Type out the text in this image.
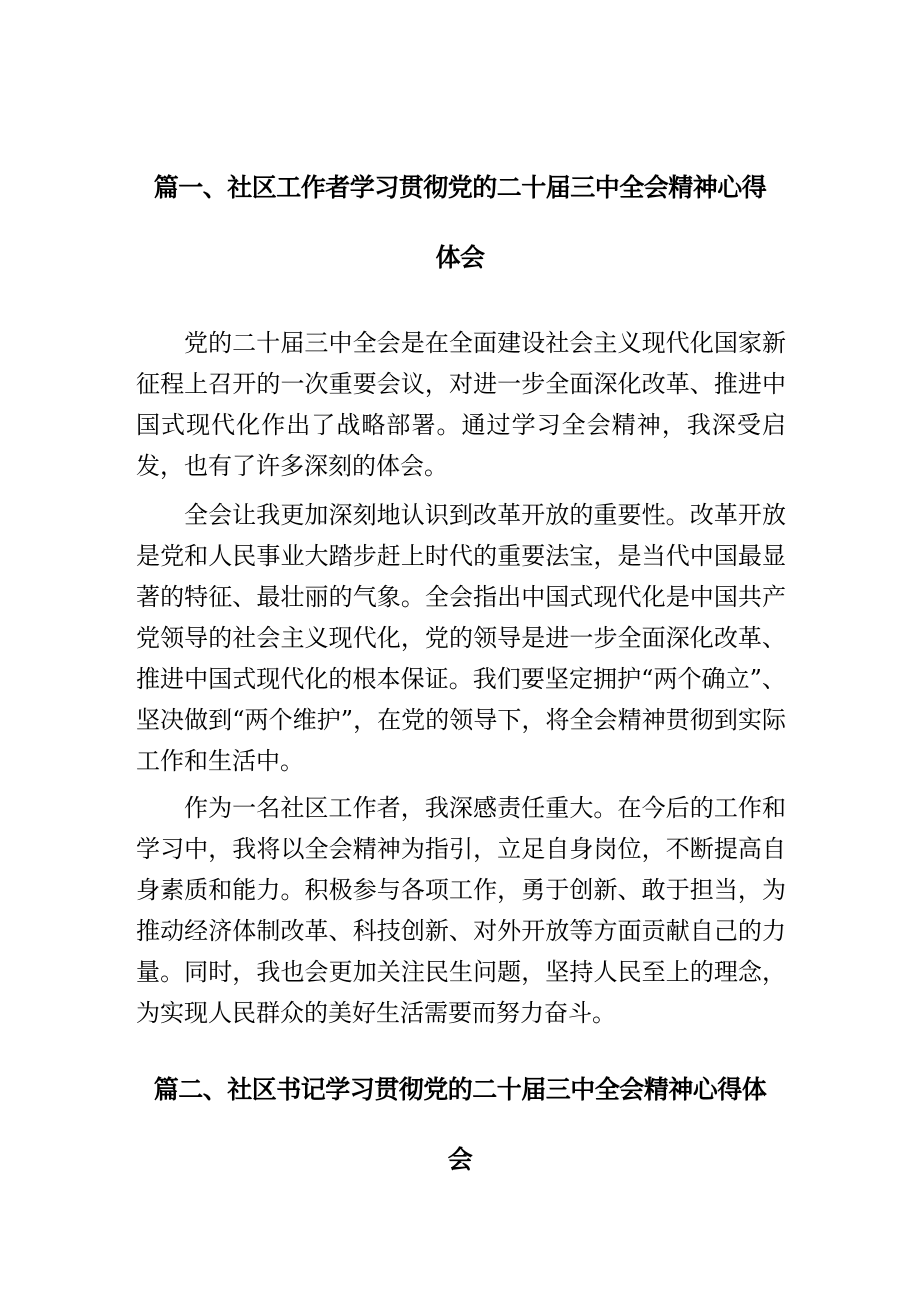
篇一、社区工作者学习贯彻党的二十届三中全会精神心得
体会

党的二十届三中全会是在全面建设社会主义现代化国家新征程上召开的一次重要会议，对进一步全面深化改革、推进中国式现代化作出了战略部署。通过学习全会精神，我深受启发，也有了许多深刻的体会。

全会让我更加深刻地认识到改革开放的重要性。改革开放是党和人民事业大踏步赶上时代的重要法宝，是当代中国最显著的特征、最壮丽的气象。全会指出中国式现代化是中国共产党领导的社会主义现代化，党的领导是进一步全面深化改革、推进中国式现代化的根本保证。我们要坚定拥护“两个确立”、坚决做到“两个维护”，在党的领导下，将全会精神贯彻到实际工作和生活中。

作为一名社区工作者，我深感责任重大。在今后的工作和学习中，我将以全会精神为指引，立足自身岗位，不断提高自身素质和能力。积极参与各项工作，勇于创新、敢于担当，为推动经济体制改革、科技创新、对外开放等方面贡献自己的力量。同时，我也会更加关注民生问题，坚持人民至上的理念，为实现人民群众的美好生活需要而努力奋斗。

篇二、社区书记学习贯彻党的二十届三中全会精神心得体
会
